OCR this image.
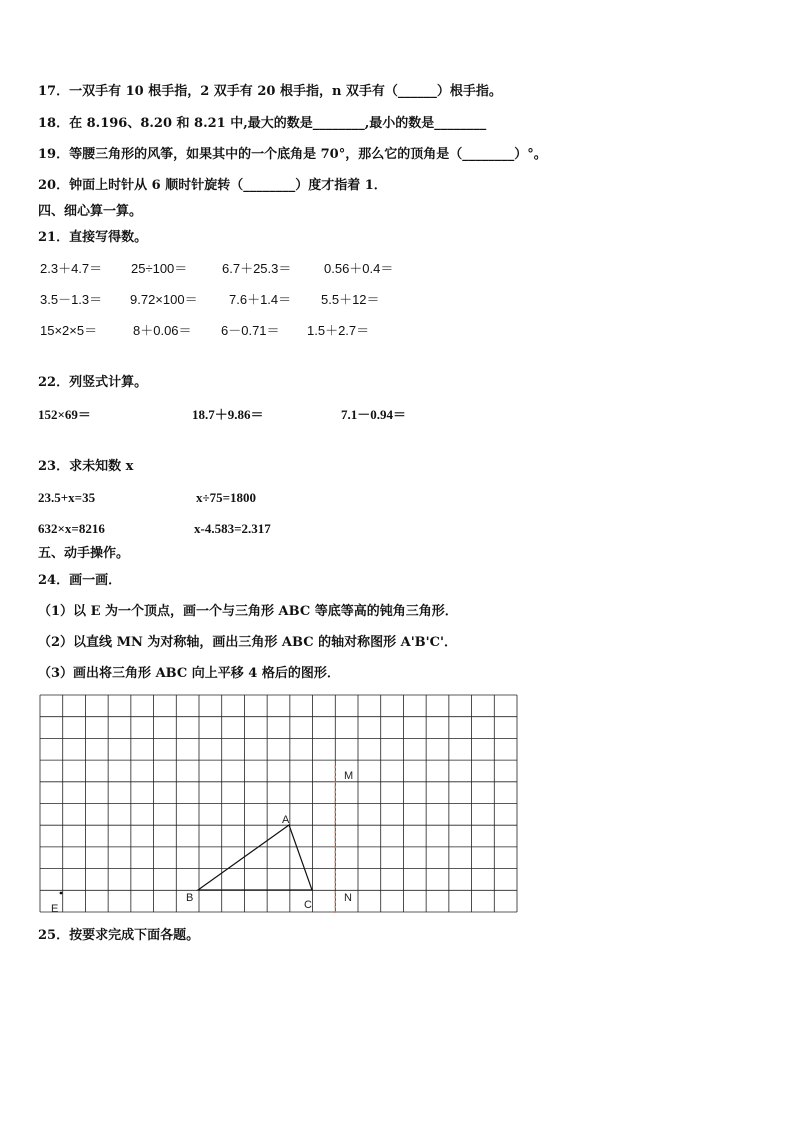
17．一双手有 10 根手指，2 双手有 20 根手指，n 双手有（______）根手指。
18．在 8.196、8.20 和 8.21 中,最大的数是________,最小的数是________
19．等腰三角形的风筝，如果其中的一个底角是 70°，那么它的顶角是（________）°。
20．钟面上时针从 6 顺时针旋转（________）度才指着 1．
四、细心算一算。
21．直接写得数。
2.3＋4.7＝ 25÷100＝	6.7＋25.3＝	0.56＋0.4＝
3.5－1.3＝ 9.72×100＝ 7.6＋1.4＝ 5.5＋12＝
15×2×5＝	8＋0.06＝ 6－0.71＝ 1.5＋2.7＝
22．列竖式计算。
152×69＝	18.7＋9.86＝	7.1－0.94＝
23．求未知数 x
23.5+x=35	x÷75=1800
632×x=8216	x-4.583=2.317
五、动手操作。
24．画一画．
（1）以 E 为一个顶点，画一个与三角形 ABC 等底等高的钝角三角形．
（2）以直线 MN 为对称轴，画出三角形 ABC 的轴对称图形 A'B'C'．
（3）画出将三角形 ABC 向上平移 4 格后的图形．
A
B
C
M
N
E
25．按要求完成下面各题。
